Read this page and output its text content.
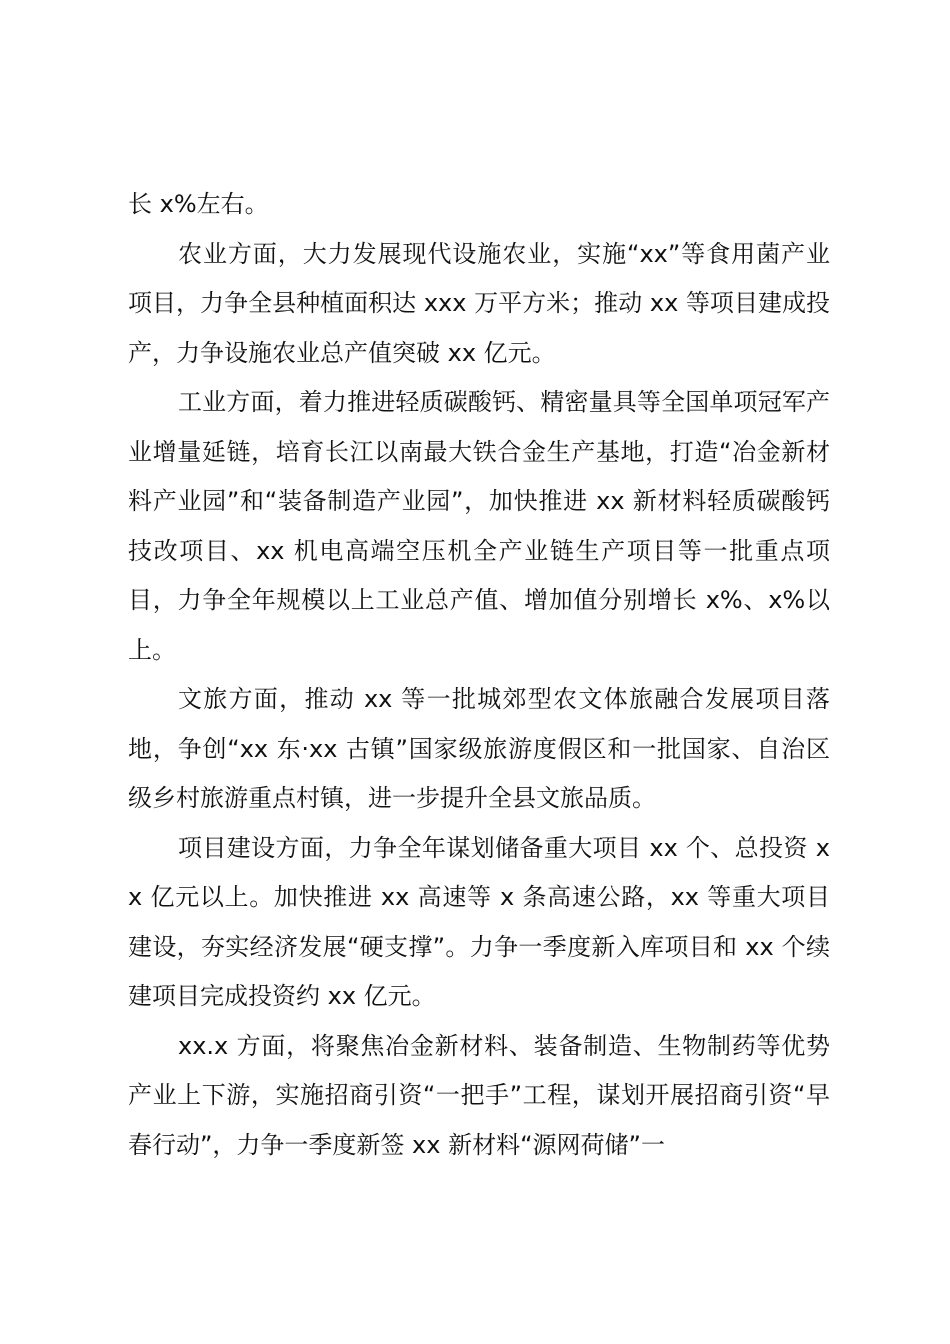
长 x%左右。

农业方面，大力发展现代设施农业，实施“xx”等食用菌产业项目，力争全县种植面积达 xxx 万平方米；推动 xx 等项目建成投产，力争设施农业总产值突破 xx 亿元。

工业方面，着力推进轻质碳酸钙、精密量具等全国单项冠军产业增量延链，培育长江以南最大铁合金生产基地，打造“冶金新材料产业园”和“装备制造产业园”，加快推进 xx 新材料轻质碳酸钙技改项目、xx 机电高端空压机全产业链生产项目等一批重点项目，力争全年规模以上工业总产值、增加值分别增长 x%、x%以上。

文旅方面，推动 xx 等一批城郊型农文体旅融合发展项目落地，争创“xx 东·xx 古镇”国家级旅游度假区和一批国家、自治区级乡村旅游重点村镇，进一步提升全县文旅品质。

项目建设方面，力争全年谋划储备重大项目 xx 个、总投资 xx 亿元以上。加快推进 xx 高速等 x 条高速公路，xx 等重大项目建设，夯实经济发展“硬支撑”。力争一季度新入库项目和 xx 个续建项目完成投资约 xx 亿元。

xx.x 方面，将聚焦冶金新材料、装备制造、生物制药等优势产业上下游，实施招商引资“一把手”工程，谋划开展招商引资“早春行动”，力争一季度新签 xx 新材料“源网荷储”一
